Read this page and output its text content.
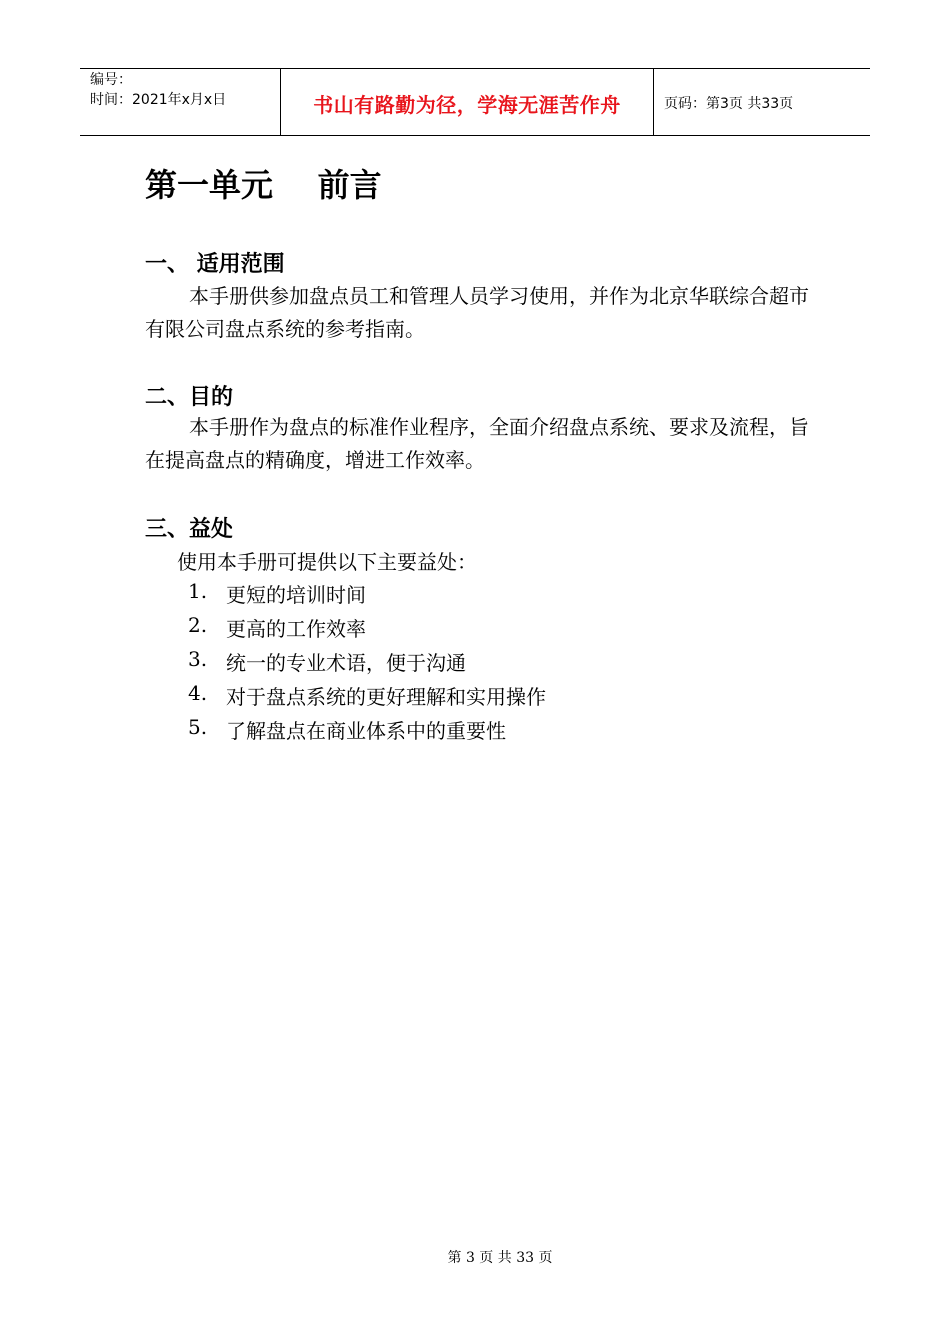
编号：
时间：2021年x月x日	书山有路勤为径，学海无涯苦作舟	页码：第3页 共33页
第一单元    前言
一、 适用范围

本手册供参加盘点员工和管理人员学习使用，并作为北京华联综合超市有限公司盘点系统的参考指南。

二、目的

本手册作为盘点的标准作业程序，全面介绍盘点系统、要求及流程，旨在提高盘点的精确度，增进工作效率。

三、益处

使用本手册可提供以下主要益处：

1. 更短的培训时间
2. 更高的工作效率
3. 统一的专业术语，便于沟通
4. 对于盘点系统的更好理解和实用操作
5. 了解盘点在商业体系中的重要性
第 3 页 共 33 页
